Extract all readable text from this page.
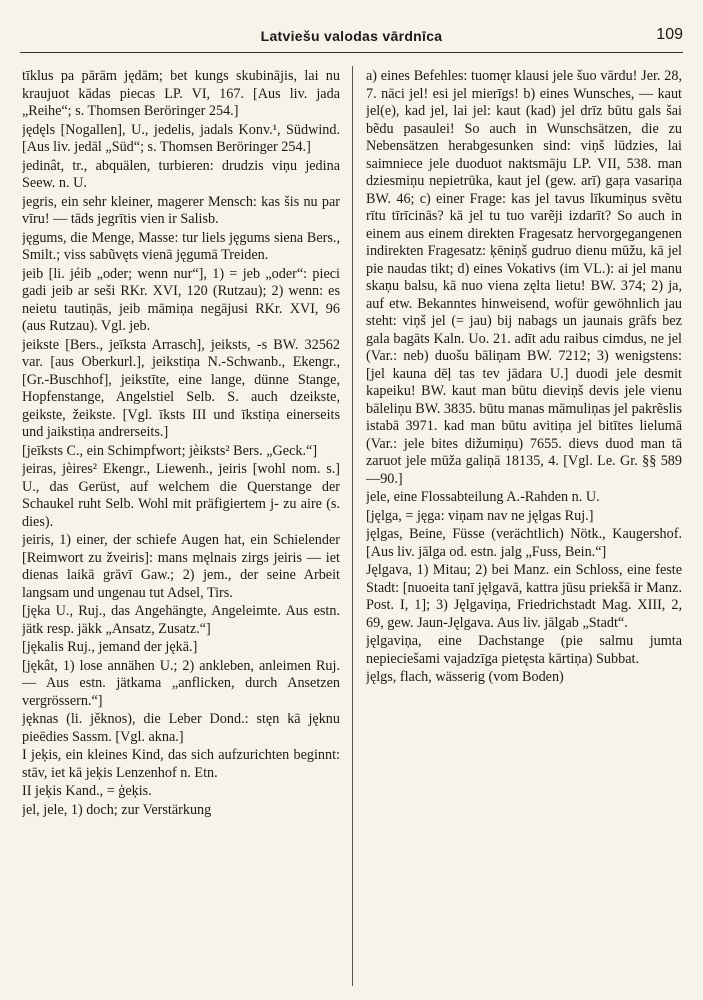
Latviešu valodas vārdnīca	109

tīklus pa pārām jędām; bet kungs skubinājis, lai nu kraujuot kādas piecas LP. VI, 167. [Aus liv. jada „Reihe“; s. Thomsen Beröringer 254.]

jędęls [Nogallen], U., jedelis, jadals Konv.¹, Südwind. [Aus liv. jedāl „Süd“; s. Thomsen Beröringer 254.]

jedinât, tr., abquälen, turbieren: drudzis viņu jedina Seew. n. U.

jegris, ein sehr kleiner, magerer Mensch: kas šis nu par vīru! — tāds jegrītis vien ir Salisb.

jęgums, die Menge, Masse: tur liels jęgums siena Bers., Smilt.; viss sabũvęts vienā jęgumā Treiden.

jeib [li. jéib „oder; wenn nur“], 1) = jeb „oder“: pieci gadi jeib ar seši RKr. XVI, 120 (Rutzau); 2) wenn: es neietu tautiņās, jeib māmiņa negājusi RKr. XVI, 96 (aus Rutzau). Vgl. jeb.

jeikste [Bers., jeīksta Arrasch], jeiksts, -s BW. 32562 var. [aus Oberkurl.], jeikstiņa N.-Schwanb., Ekengr., [Gr.-Buschhof], jeikstīte, eine lange, dünne Stange, Hopfenstange, Angelstiel Selb. S. auch dzeikste, geikste, žeikste. [Vgl. īksts III und īkstiņa einerseits und jaikstiņa andrerseits.]

[jeīksts C., ein Schimpfwort; jèiksts² Bers. „Geck.“]

jeiras, jèires² Ekengr., Liewenh., jeiris [wohl nom. s.] U., das Gerüst, auf welchem die Querstange der Schaukel ruht Selb. Wohl mit präfigiertem j- zu aire (s. dies).

jeiris, 1) einer, der schiefe Augen hat, ein Schielender [Reimwort zu žveiris]: mans męlnais zirgs jeiris — iet dienas laikā grāvī Gaw.; 2) jem., der seine Arbeit langsam und ungenau tut Adsel, Tirs.

[jęka U., Ruj., das Angehängte, Angeleimte. Aus estn. jätk resp. jäkk „Ansatz, Zusatz.“]

[jękalis Ruj., jemand der jękā.]

[jękât, 1) lose annähen U.; 2) ankleben, anleimen Ruj. — Aus estn. jätkama „anflicken, durch Ansetzen vergrössern.“]

jęknas (li. jěknos), die Leber Dond.: stęn kā jęknu pieēdies Sassm. [Vgl. akna.]

I jeķis, ein kleines Kind, das sich aufzurichten beginnt: stāv, iet kā jeķis Lenzenhof n. Etn.

II jeķis Kand., = ģeķis.

jel, jele, 1) doch; zur Verstärkung

a) eines Befehles: tuomęr klausi jele šuo vārdu! Jer. 28, 7. nāci jel! esi jel mierīgs! b) eines Wunsches, — kaut jel(e), kad jel, lai jel: kaut (kad) jel drīz būtu gals šai bẽdu pasaulei! So auch in Wunschsätzen, die zu Nebensätzen herabgesunken sind: viņš lūdzies, lai saimniece jele duoduot naktsmāju LP. VII, 538. man dziesmiņu nepietrūka, kaut jel (gew. arī) gaŗa vasariņa BW. 46; c) einer Frage: kas jel tavus līkumiņus svẽtu rītu tīrīcinās? kā jel tu tuo varẽji izdarīt? So auch in einem aus einem direkten Fragesatz hervorgegangenen indirekten Fragesatz: ķēniņš gudruo dienu mūžu, kā jel pie naudas tikt; d) eines Vokativs (im VL.): ai jel manu skaņu balsu, kā nuo viena zęlta lietu! BW. 374; 2) ja, auf etw. Bekanntes hinweisend, wofür gewöhnlich jau steht: viņš jel (= jau) bij nabags un jaunais grāfs bez gala bagāts Kaln. Uo. 21. adīt adu raibus cimdus, ne jel (Var.: neb) duošu bāliņam BW. 7212; 3) wenigstens: [jel kauna dēļ tas tev jādara U.] duodi jele desmit kapeiku! BW. kaut man būtu dieviņš devis jele vienu bāleliņu BW. 3835. būtu manas māmuliņas jel pakrẽslis istabā 3971. kad man būtu avitiņa jel bitītes lielumā (Var.: jele bites dižumiņu) 7655. dievs duod man tā zaruot jele mūža galiņā 18135, 4. [Vgl. Le. Gr. §§ 589—90.]

jele, eine Flossabteilung A.-Rahden n. U.

[jęlga, = jęga: viņam nav ne jęlgas Ruj.]

jęlgas, Beine, Füsse (verächtlich) Nötk., Kaugershof. [Aus liv. jālga od. estn. jalg „Fuss, Bein.“]

Jęlgava, 1) Mitau; 2) bei Manz. ein Schloss, eine feste Stadt: [nuoeita tanī jęlgavā, kattra jūsu priekšā ir Manz. Post. I, 1]; 3) Jęlgaviņa, Friedrichstadt Mag. XIII, 2, 69, gew. Jaun-Jęlgava. Aus liv. jālgab „Stadt“.

jęlgaviņa, eine Dachstange (pie salmu jumta nepieciešami vajadzīga pietęsta kārtiņa) Subbat.

jęlgs, flach, wässerig (vom Boden)
